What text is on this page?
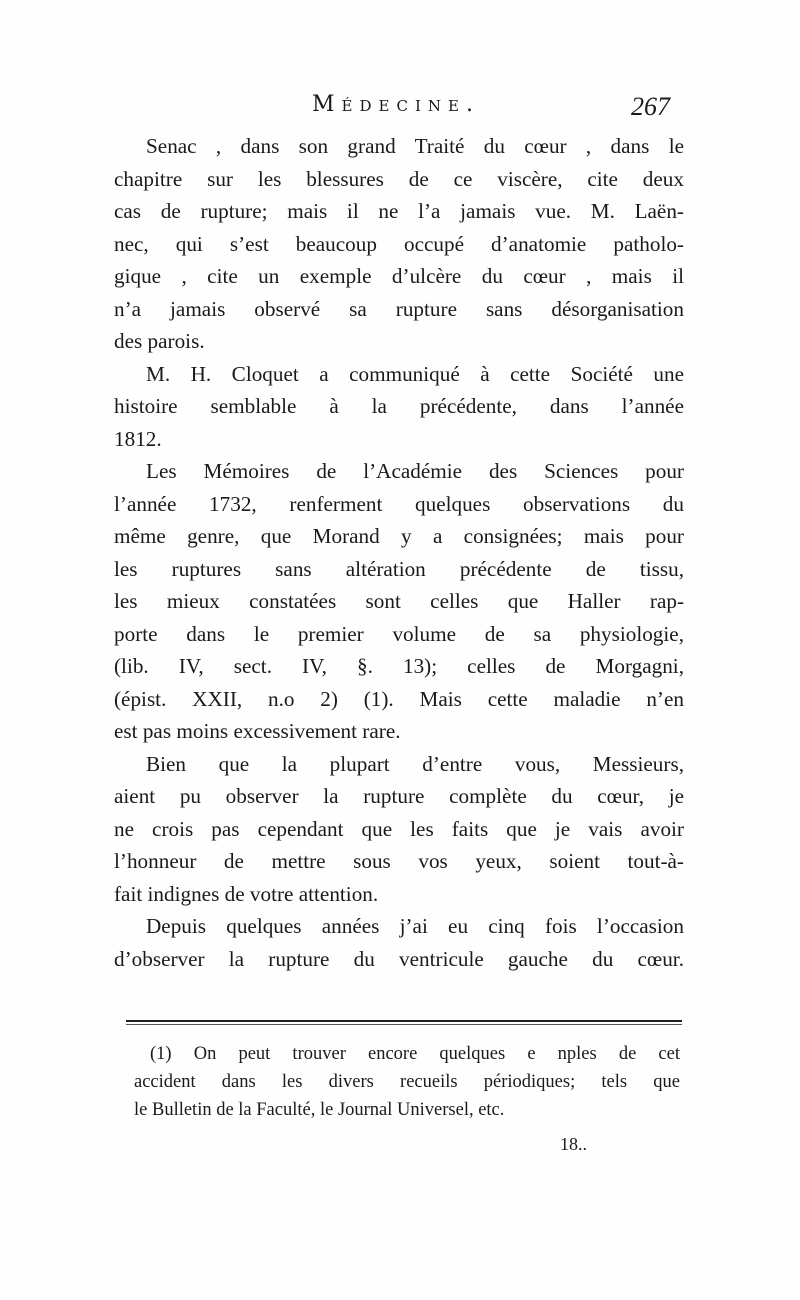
Médecine.	267
Senac , dans son grand Traité du cœur , dans le
chapitre sur les blessures de ce viscère, cite deux
cas de rupture; mais il ne l’a jamais vue. M. Laën-
nec, qui s’est beaucoup occupé d’anatomie patholo-
gique , cite un exemple d’ulcère du cœur , mais il
n’a jamais observé sa rupture sans désorganisation
des parois.
M. H. Cloquet a communiqué à cette Société une
histoire semblable à la précédente, dans l’année
1812.
Les Mémoires de l’Académie des Sciences pour
l’année 1732, renferment quelques observations du
même genre, que Morand y a consignées; mais pour
les ruptures sans altération précédente de tissu,
les mieux constatées sont celles que Haller rap-
porte dans le premier volume de sa physiologie,
(lib. IV, sect. IV, §. 13); celles de Morgagni,
(épist. XXII, n.o 2) (1). Mais cette maladie n’en
est pas moins excessivement rare.
Bien que la plupart d’entre vous, Messieurs,
aient pu observer la rupture complète du cœur, je
ne crois pas cependant que les faits que je vais avoir
l’honneur de mettre sous vos yeux, soient tout-à-
fait indignes de votre attention.
Depuis quelques années j’ai eu cinq fois l’occasion
d’observer la rupture du ventricule gauche du cœur.
(1) On peut trouver encore quelques e nples de cet
accident dans les divers recueils périodiques; tels que
le Bulletin de la Faculté, le Journal Universel, etc.
18..
